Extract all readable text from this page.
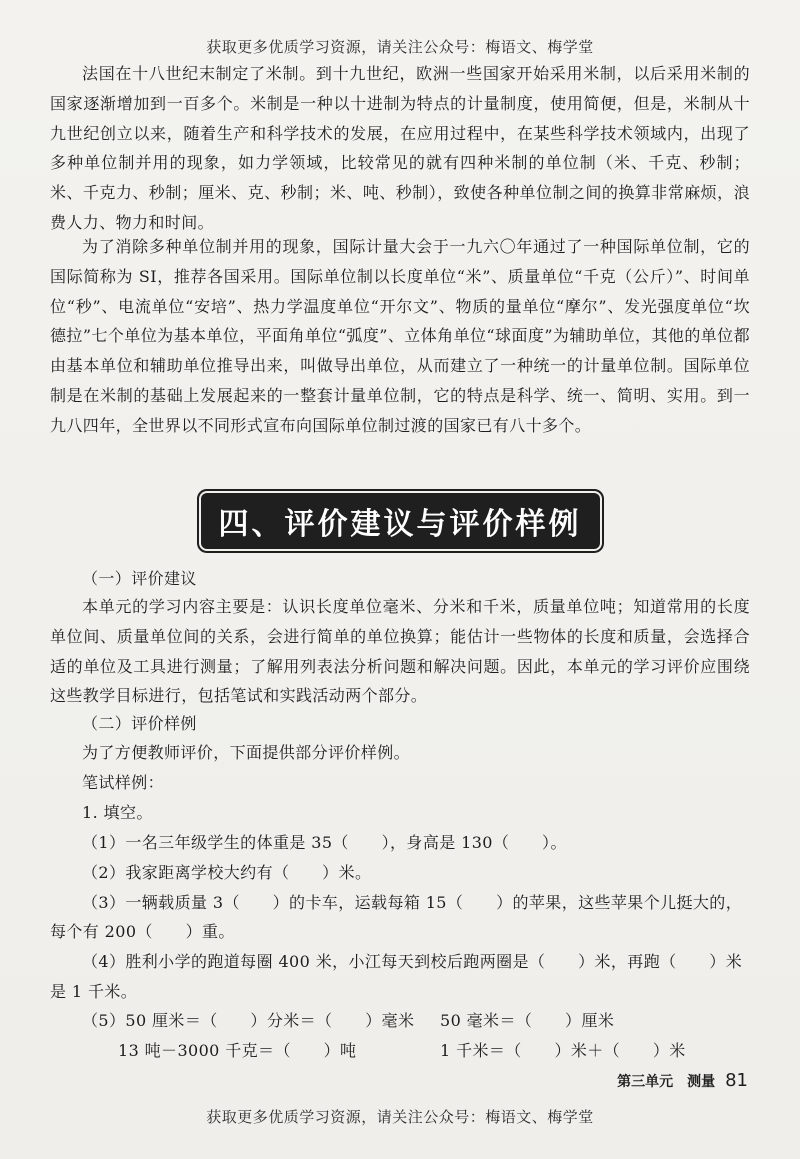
获取更多优质学习资源，请关注公众号：梅语文、梅学堂

法国在十八世纪末制定了米制。到十九世纪，欧洲一些国家开始采用米制，以后采用米制的国家逐渐增加到一百多个。米制是一种以十进制为特点的计量制度，使用简便，但是，米制从十九世纪创立以来，随着生产和科学技术的发展，在应用过程中，在某些科学技术领域内，出现了多种单位制并用的现象，如力学领域，比较常见的就有四种米制的单位制（米、千克、秒制；米、千克力、秒制；厘米、克、秒制；米、吨、秒制），致使各种单位制之间的换算非常麻烦，浪费人力、物力和时间。

为了消除多种单位制并用的现象，国际计量大会于一九六〇年通过了一种国际单位制，它的国际简称为 SI，推荐各国采用。国际单位制以长度单位“米”、质量单位“千克（公斤）”、时间单位“秒”、电流单位“安培”、热力学温度单位“开尔文”、物质的量单位“摩尔”、发光强度单位“坎德拉”七个单位为基本单位，平面角单位“弧度”、立体角单位“球面度”为辅助单位，其他的单位都由基本单位和辅助单位推导出来，叫做导出单位，从而建立了一种统一的计量单位制。国际单位制是在米制的基础上发展起来的一整套计量单位制，它的特点是科学、统一、简明、实用。到一九八四年，全世界以不同形式宣布向国际单位制过渡的国家已有八十多个。

四、评价建议与评价样例
（一）评价建议

本单元的学习内容主要是：认识长度单位毫米、分米和千米，质量单位吨；知道常用的长度单位间、质量单位间的关系，会进行简单的单位换算；能估计一些物体的长度和质量，会选择合适的单位及工具进行测量；了解用列表法分析问题和解决问题。因此，本单元的学习评价应围绕这些教学目标进行，包括笔试和实践活动两个部分。

（二）评价样例
为了方便教师评价，下面提供部分评价样例。
笔试样例：
1. 填空。
（1）一名三年级学生的体重是 35（　　），身高是 130（　　）。
（2）我家距离学校大约有（　　）米。
（3）一辆载质量 3（　　）的卡车，运载每箱 15（　　）的苹果，这些苹果个儿挺大的，
每个有 200（　　）重。
（4）胜利小学的跑道每圈 400 米，小江每天到校后跑两圈是（　　）米，再跑（　　）米
是 1 千米。
（5）50 厘米＝（　　）分米＝（　　）毫米	50 毫米＝（　　）厘米
13 吨－3000 千克＝（　　）吨	1 千米＝（　　）米＋（　　）米
第三单元　测量 81
获取更多优质学习资源，请关注公众号：梅语文、梅学堂
